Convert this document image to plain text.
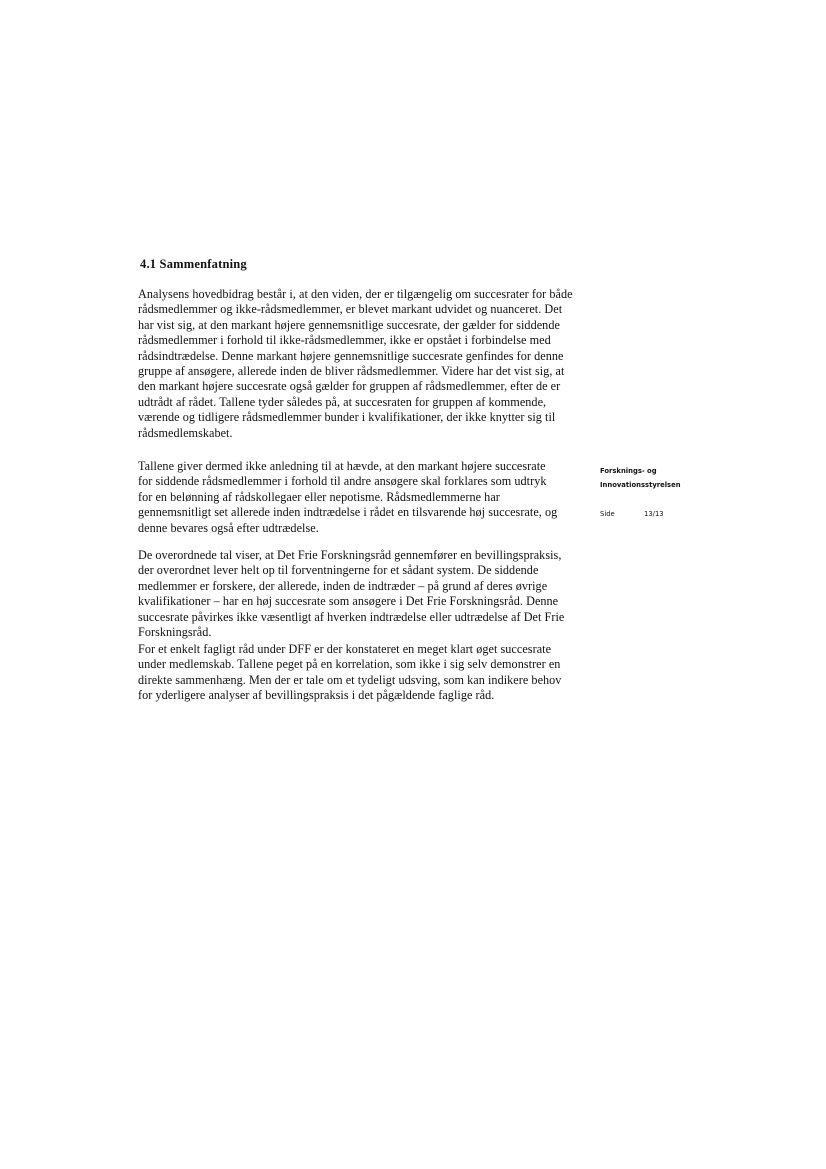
4.1 Sammenfatning

Analysens hovedbidrag består i, at den viden, der er tilgængelig om succesrater for både rådsmedlemmer og ikke-rådsmedlemmer, er blevet markant udvidet og nuanceret. Det har vist sig, at den markant højere gennemsnitlige succesrate, der gælder for siddende rådsmedlemmer i forhold til ikke-rådsmedlemmer, ikke er opstået i forbindelse med rådsindtrædelse. Denne markant højere gennemsnitlige succesrate genfindes for denne gruppe af ansøgere, allerede inden de bliver rådsmedlemmer. Videre har det vist sig, at den markant højere succesrate også gælder for gruppen af rådsmedlemmer, efter de er udtrådt af rådet. Tallene tyder således på, at succesraten for gruppen af kommende, værende og tidligere rådsmedlemmer bunder i kvalifikationer, der ikke knytter sig til rådsmedlemskabet.

Tallene giver dermed ikke anledning til at hævde, at den markant højere succesrate for siddende rådsmedlemmer i forhold til andre ansøgere skal forklares som udtryk for en belønning af rådskollegaer eller nepotisme. Rådsmedlemmerne har gennemsnitligt set allerede inden indtrædelse i rådet en tilsvarende høj succesrate, og denne bevares også efter udtrædelse.

De overordnede tal viser, at Det Frie Forskningsråd gennemfører en bevillingspraksis, der overordnet lever helt op til forventningerne for et sådant system. De siddende medlemmer er forskere, der allerede, inden de indtræder – på grund af deres øvrige kvalifikationer – har en høj succesrate som ansøgere i Det Frie Forskningsråd. Denne succesrate påvirkes ikke væsentligt af hverken indtrædelse eller udtrædelse af Det Frie Forskningsråd.

For et enkelt fagligt råd under DFF er der konstateret en meget klart øget succesrate under medlemskab. Tallene peget på en korrelation, som ikke i sig selv demonstrer en direkte sammenhæng. Men der er tale om et tydeligt udsving, som kan indikere behov for yderligere analyser af bevillingspraksis i det pågældende faglige råd.

Forsknings- og
Innovationsstyrelsen
Side	13/13
